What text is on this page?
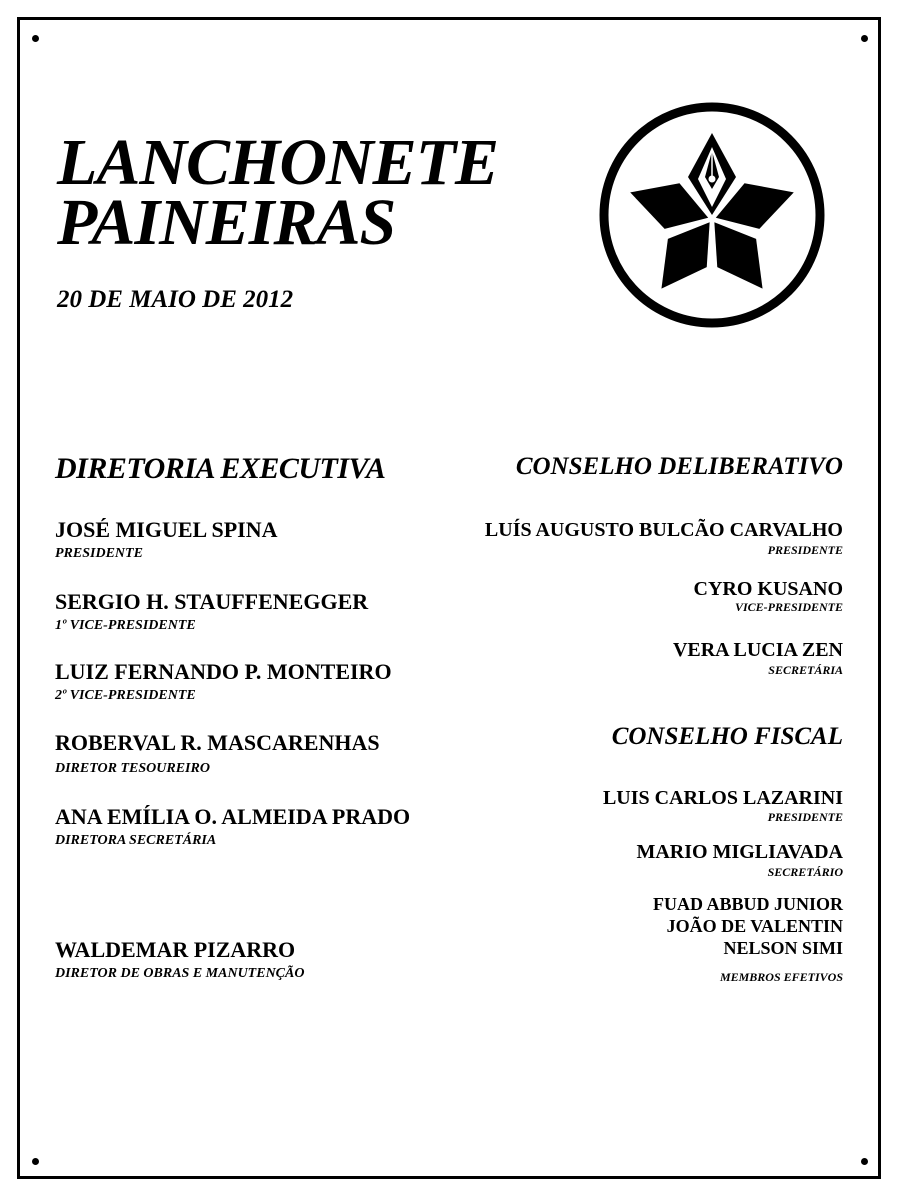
LANCHONETE
PAINEIRAS
20 DE MAIO DE 2012
DIRETORIA EXECUTIVA
JOSÉ MIGUEL SPINA
PRESIDENTE
SERGIO H. STAUFFENEGGER
1º VICE-PRESIDENTE
LUIZ FERNANDO P. MONTEIRO
2º VICE-PRESIDENTE
ROBERVAL R. MASCARENHAS
DIRETOR TESOUREIRO
ANA EMÍLIA O. ALMEIDA PRADO
DIRETORA SECRETÁRIA
WALDEMAR PIZARRO
DIRETOR DE OBRAS E MANUTENÇÃO
CONSELHO DELIBERATIVO
LUÍS AUGUSTO BULCÃO CARVALHO
PRESIDENTE
CYRO KUSANO
VICE-PRESIDENTE
VERA LUCIA ZEN
SECRETÁRIA
CONSELHO FISCAL
LUIS CARLOS LAZARINI
PRESIDENTE
MARIO MIGLIAVADA
SECRETÁRIO
FUAD ABBUD JUNIOR
JOÃO DE VALENTIN
NELSON SIMI
MEMBROS EFETIVOS
